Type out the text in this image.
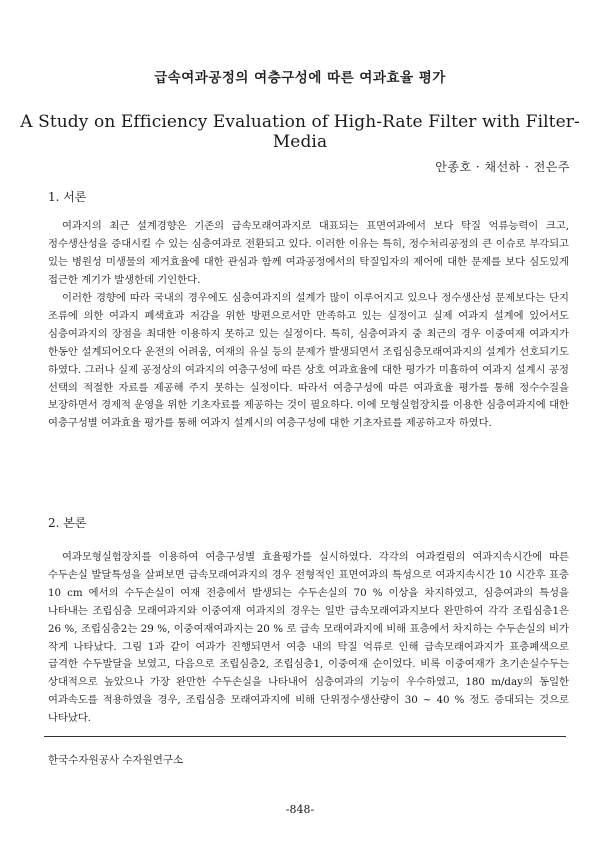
급속여과공정의 여층구성에 따른 여과효율 평가
A Study on Efficiency Evaluation of High-Rate Filter with Filter-Media
안종호 · 채선하 · 전은주
1. 서론

여과지의 최근 설계경향은 기존의 급속모래여과지로 대표되는 표면여과에서 보다 탁질 억류능력이 크고, 정수생산성을 증대시킬 수 있는 심층여과로 전환되고 있다. 이러한 이유는 특히, 정수처리공정의 큰 이슈로 부각되고 있는 병원성 미생물의 제거효율에 대한 관심과 함께 여과공정에서의 탁질입자의 제어에 대한 문제를 보다 심도있게 접근한 계기가 발생한데 기인한다.

이러한 경향에 따라 국내의 경우에도 심층여과지의 설계가 많이 이루어지고 있으나 정수생산성 문제보다는 단지 조류에 의한 여과지 폐색효과 저감을 위한 방편으로서만 만족하고 있는 실정이고 실제 여과지 설계에 있어서도 심층여과지의 장점을 최대한 이용하지 못하고 있는 실정이다. 특히, 심층여과지 중 최근의 경우 이중여재 여과지가 한동안 설계되어오다 운전의 어려움, 여재의 유실 등의 문제가 발생되면서 조립심층모래여과지의 설계가 선호되기도 하였다. 그러나 실제 공정상의 여과지의 여층구성에 따른 상호 여과효율에 대한 평가가 미흡하여 여과지 설계시 공정 선택의 적절한 자료를 제공해 주지 못하는 실정이다. 따라서 여층구성에 따른 여과효율 평가를 통해 정수수질을 보장하면서 경제적 운영을 위한 기초자료를 제공하는 것이 필요하다. 이에 모형실험장치를 이용한 심층여과지에 대한 여층구성별 여과효율 평가를 통해 여과지 설계시의 여층구성에 대한 기초자료를 제공하고자 하였다.

2. 본론

여과모형실험장치를 이용하여 여층구성별 효율평가를 실시하였다. 각각의 여과컬럼의 여과지속시간에 따른 수두손실 발달특성을 살펴보면 급속모래여과지의 경우 전형적인 표면여과의 특성으로 여과지속시간 10 시간후 표층 10 cm 에서의 수두손실이 여재 전층에서 발생되는 수두손실의 70 % 이상을 차지하였고, 심층여과의 특성을 나타내는 조립심층 모래여과지와 이중여재 여과지의 경우는 일반 급속모래여과지보다 완만하여 각각 조립심층1은 26 %, 조립심층2는 29 %, 이중여재여과지는 20 % 로 급속 모래여과지에 비해 표층에서 차지하는 수두손실의 비가 작게 나타났다. 그림 1과 같이 여과가 진행되면서 여층 내의 탁질 억류로 인해 급속모래여과지가 표층폐색으로 급격한 수두발달을 보였고, 다음으로 조립심층2, 조립심층1, 이중여재 순이었다. 비록 이중여재가 초기손실수두는 상대적으로 높았으나 가장 완만한 수두손실을 나타내어 심층여과의 기능이 우수하였고, 180 m/day의 동일한 여과속도를 적용하였을 경우, 조립심층 모래여과지에 비해 단위정수생산량이 30 ~ 40 % 정도 증대되는 것으로 나타났다.

한국수자원공사 수자원연구소
-848-
